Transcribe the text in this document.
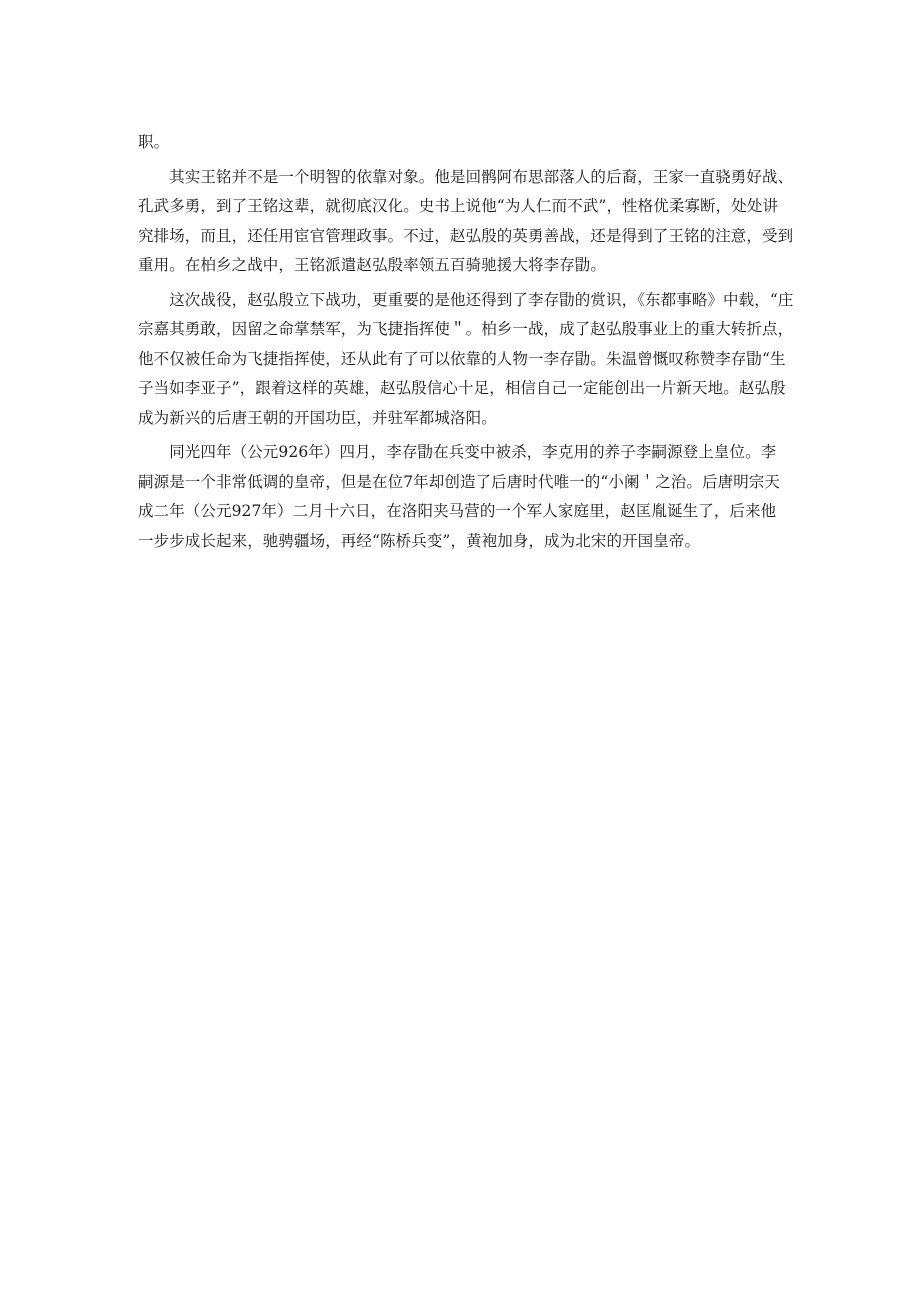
职。
　　其实王铭并不是一个明智的依靠对象。他是回鹘阿布思部落人的后裔，王家一直骁勇好战、
孔武多勇，到了王铭这辈，就彻底汉化。史书上说他“为人仁而不武”，性格优柔寡断，处处讲
究排场，而且，还任用宦官管理政事。不过，赵弘殷的英勇善战，还是得到了王铭的注意，受到
重用。在柏乡之战中，王铭派遣赵弘殷率领五百骑驰援大将李存勖。
　　这次战役，赵弘殷立下战功，更重要的是他还得到了李存勖的赏识，《东都事略》中载，“庄
宗嘉其勇敢，因留之命掌禁军，为飞捷指挥使＂。柏乡一战，成了赵弘殷事业上的重大转折点，
他不仅被任命为飞捷指挥使，还从此有了可以依靠的人物一李存勖。朱温曾慨叹称赞李存勖“生
子当如李亚子”，跟着这样的英雄，赵弘殷信心十足，相信自己一定能创出一片新天地。赵弘殷
成为新兴的后唐王朝的开国功臣，并驻军都城洛阳。
　　同光四年（公元926年）四月，李存勖在兵变中被杀，李克用的养子李嗣源登上皇位。李
嗣源是一个非常低调的皇帝，但是在位7年却创造了后唐时代唯一的“小阑＇之治。后唐明宗天
成二年（公元927年）二月十六日，在洛阳夹马营的一个军人家庭里，赵匡胤诞生了，后来他
一步步成长起来，驰骋疆场，再经“陈桥兵变”，黄袍加身，成为北宋的开国皇帝。
